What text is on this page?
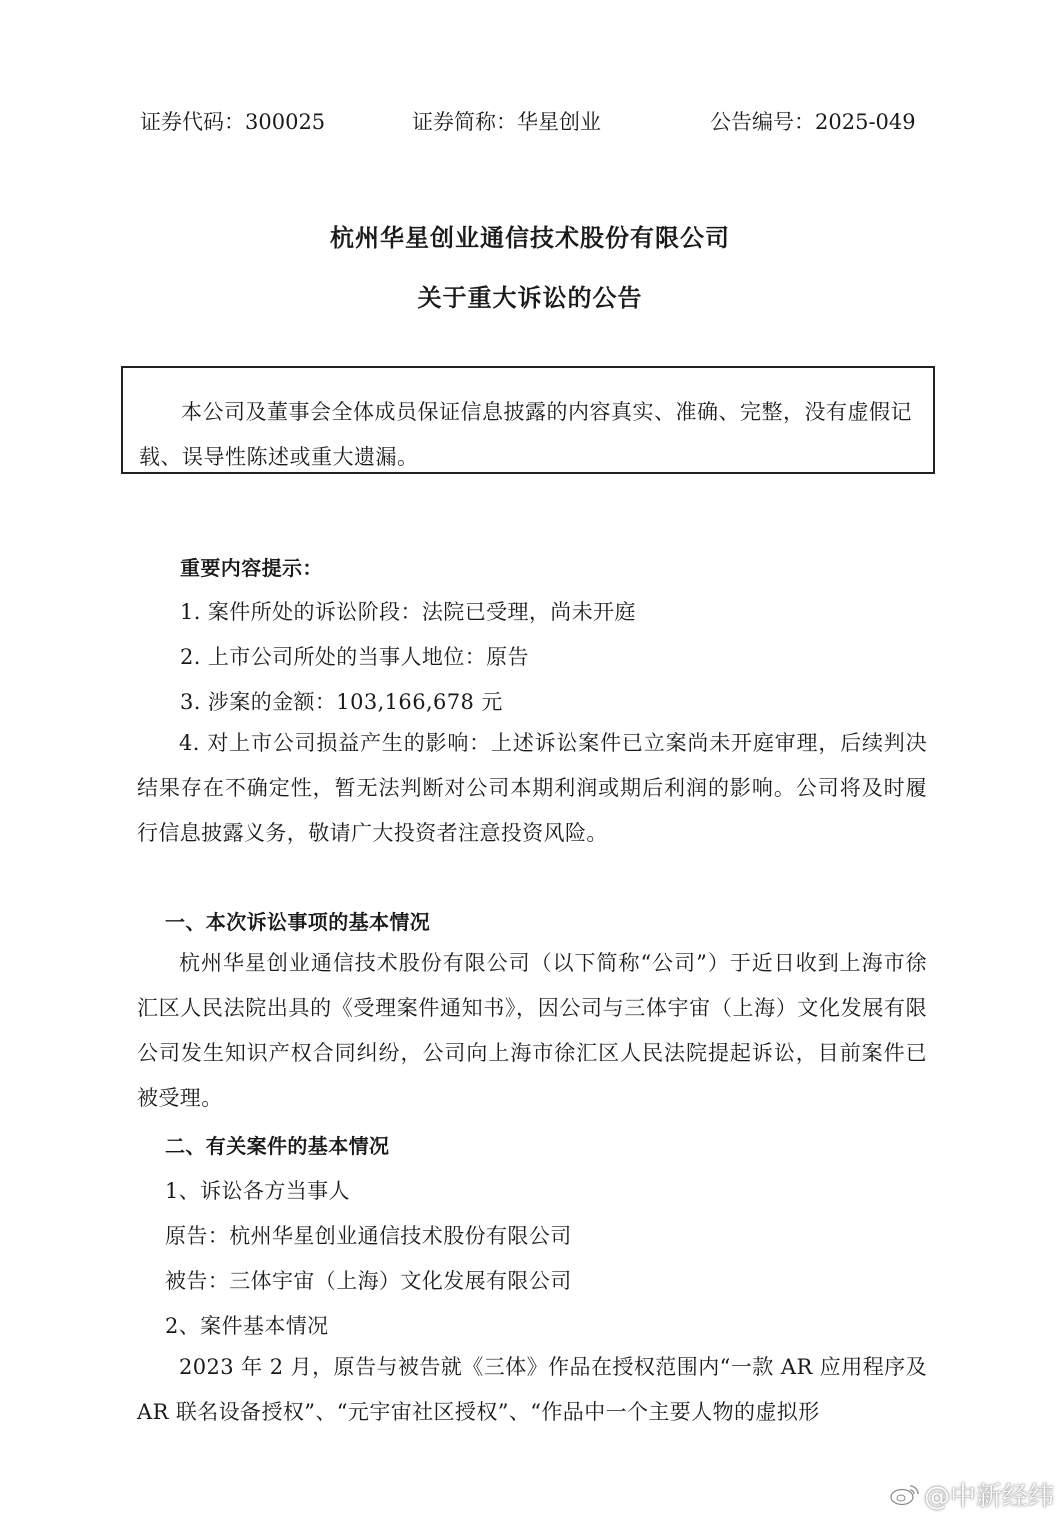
证券代码：300025	证券简称：华星创业	公告编号：2025-049
杭州华星创业通信技术股份有限公司
关于重大诉讼的公告
本公司及董事会全体成员保证信息披露的内容真实、准确、完整，没有虚假记载、误导性陈述或重大遗漏。
重要内容提示：
1. 案件所处的诉讼阶段：法院已受理，尚未开庭
2. 上市公司所处的当事人地位：原告
3. 涉案的金额：103,166,678 元
4. 对上市公司损益产生的影响：上述诉讼案件已立案尚未开庭审理，后续判决结果存在不确定性，暂无法判断对公司本期利润或期后利润的影响。公司将及时履行信息披露义务，敬请广大投资者注意投资风险。
一、本次诉讼事项的基本情况
杭州华星创业通信技术股份有限公司（以下简称“公司”）于近日收到上海市徐汇区人民法院出具的《受理案件通知书》，因公司与三体宇宙（上海）文化发展有限公司发生知识产权合同纠纷，公司向上海市徐汇区人民法院提起诉讼，目前案件已被受理。
二、有关案件的基本情况
1、诉讼各方当事人
原告：杭州华星创业通信技术股份有限公司
被告：三体宇宙（上海）文化发展有限公司
2、案件基本情况
2023 年 2 月，原告与被告就《三体》作品在授权范围内“一款 AR 应用程序及 AR 联名设备授权”、“元宇宙社区授权”、“作品中一个主要人物的虚拟形
@中新经纬
